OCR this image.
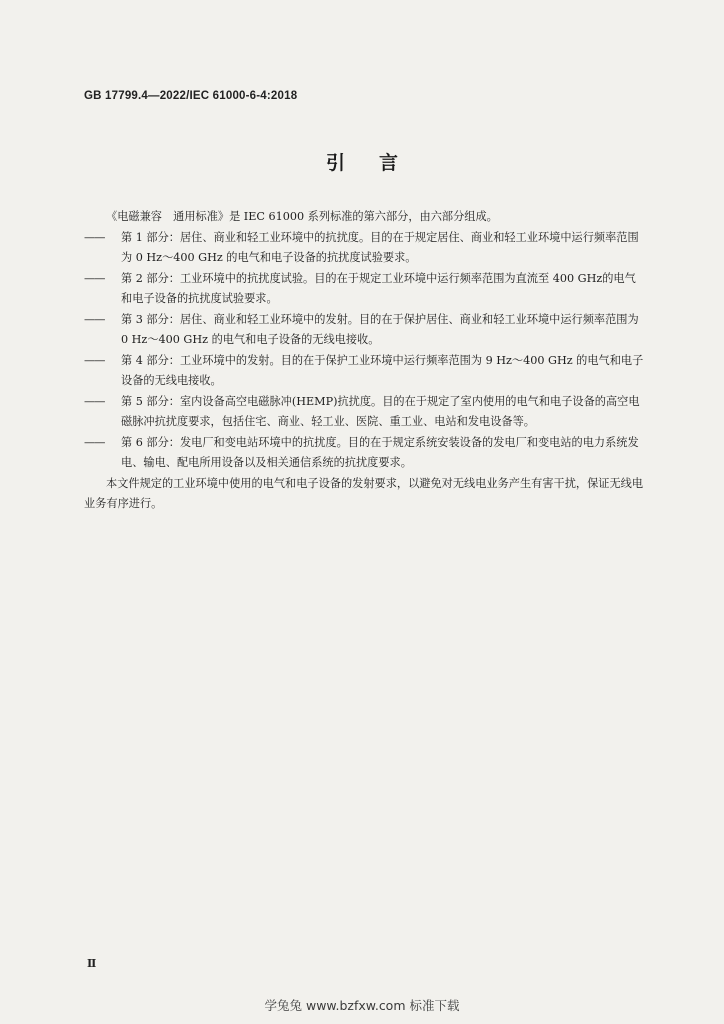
GB 17799.4—2022/IEC 61000-6-4:2018
引言

《电磁兼容　通用标准》是 IEC 61000 系列标准的第六部分，由六部分组成。

—— 第 1 部分：居住、商业和轻工业环境中的抗扰度。目的在于规定居住、商业和轻工业环境中运行频率范围为 0 Hz～400 GHz 的电气和电子设备的抗扰度试验要求。

—— 第 2 部分：工业环境中的抗扰度试验。目的在于规定工业环境中运行频率范围为直流至 400 GHz的电气和电子设备的抗扰度试验要求。

—— 第 3 部分：居住、商业和轻工业环境中的发射。目的在于保护居住、商业和轻工业环境中运行频率范围为 0 Hz～400 GHz 的电气和电子设备的无线电接收。

—— 第 4 部分：工业环境中的发射。目的在于保护工业环境中运行频率范围为 9 Hz～400 GHz 的电气和电子设备的无线电接收。

—— 第 5 部分：室内设备高空电磁脉冲(HEMP)抗扰度。目的在于规定了室内使用的电气和电子设备的高空电磁脉冲抗扰度要求，包括住宅、商业、轻工业、医院、重工业、电站和发电设备等。

—— 第 6 部分：发电厂和变电站环境中的抗扰度。目的在于规定系统安装设备的发电厂和变电站的电力系统发电、输电、配电所用设备以及相关通信系统的抗扰度要求。

本文件规定的工业环境中使用的电气和电子设备的发射要求，以避免对无线电业务产生有害干扰，保证无线电业务有序进行。

Ⅱ
学兔兔 www.bzfxw.com 标准下载
